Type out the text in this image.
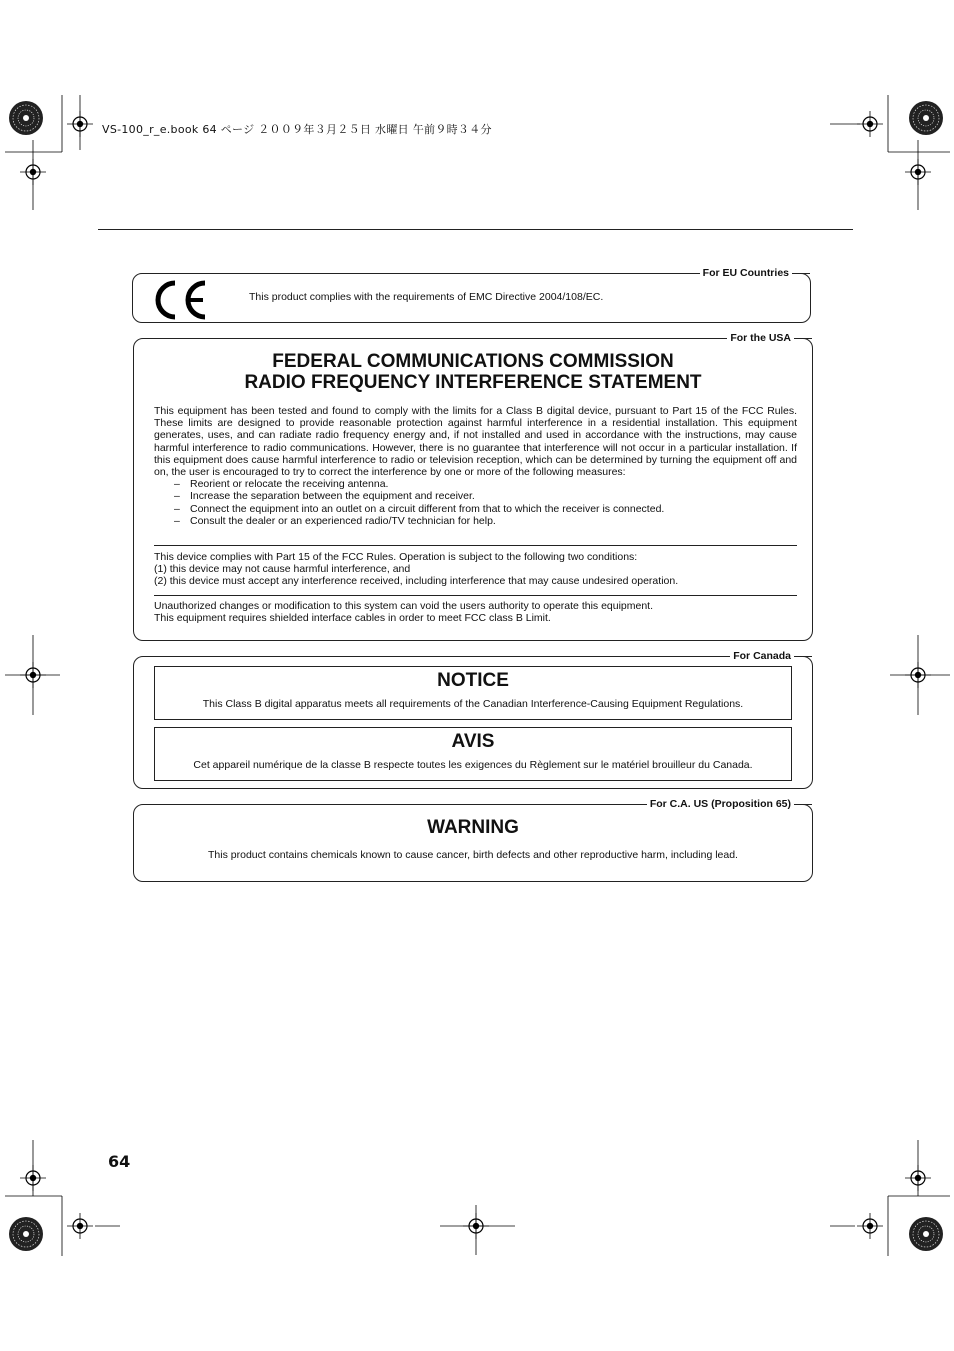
VS-100_r_e.book 64 ページ ２００９年３月２５日 水曜日 午前９時３４分
For EU Countries
This product complies with the requirements of EMC Directive 2004/108/EC.
For the USA
FEDERAL COMMUNICATIONS COMMISSION
RADIO FREQUENCY INTERFERENCE STATEMENT

This equipment has been tested and found to comply with the limits for a Class B digital device, pursuant to Part 15 of the FCC Rules. These limits are designed to provide reasonable protection against harmful interference in a residential installation. This equipment generates, uses, and can radiate radio frequency energy and, if not installed and used in accordance with the instructions, may cause harmful interference to radio communications. However, there is no guarantee that interference will not occur in a particular installation. If this equipment does cause harmful interference to radio or television reception, which can be determined by turning the equipment off and on, the user is encouraged to try to correct the interference by one or more of the following measures:

– Reorient or relocate the receiving antenna.
– Increase the separation between the equipment and receiver.
– Connect the equipment into an outlet on a circuit different from that to which the receiver is connected.
– Consult the dealer or an experienced radio/TV technician for help.
This device complies with Part 15 of the FCC Rules. Operation is subject to the following two conditions:
(1) this device may not cause harmful interference, and
(2) this device must accept any interference received, including interference that may cause undesired operation.
Unauthorized changes or modification to this system can void the users authority to operate this equipment.
This equipment requires shielded interface cables in order to meet FCC class B Limit.
For Canada
NOTICE
This Class B digital apparatus meets all requirements of the Canadian Interference-Causing Equipment Regulations.
AVIS
Cet appareil numérique de la classe B respecte toutes les exigences du Règlement sur le matériel brouilleur du Canada.
For C.A. US (Proposition 65)
WARNING
This product contains chemicals known to cause cancer, birth defects and other reproductive harm, including lead.
64
